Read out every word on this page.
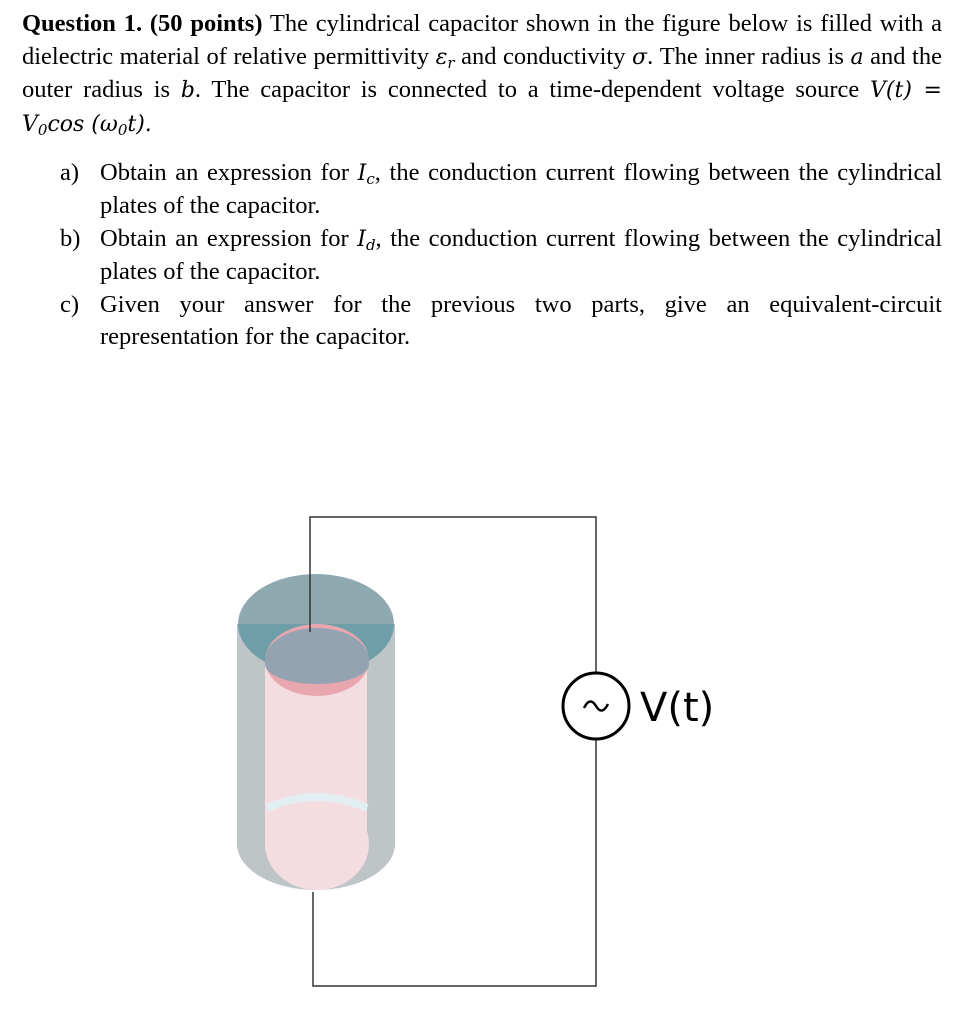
Question 1. (50 points) The cylindrical capacitor shown in the figure below is filled with a dielectric material of relative permittivity $\varepsilon_r$ and conductivity σ. The inner radius is a and the outer radius is b. The capacitor is connected to a time-dependent voltage source $V(t) = V_0\cos$ $(\omega_0t)$.
a) Obtain an expression for $I_c$, the conduction current flowing between the cylindrical plates of the capacitor.
b) Obtain an expression for $I_d$, the conduction current flowing between the cylindrical plates of the capacitor.
c) Given your answer for the previous two parts, give an equivalent-circuit representation for the capacitor.
V(t)
